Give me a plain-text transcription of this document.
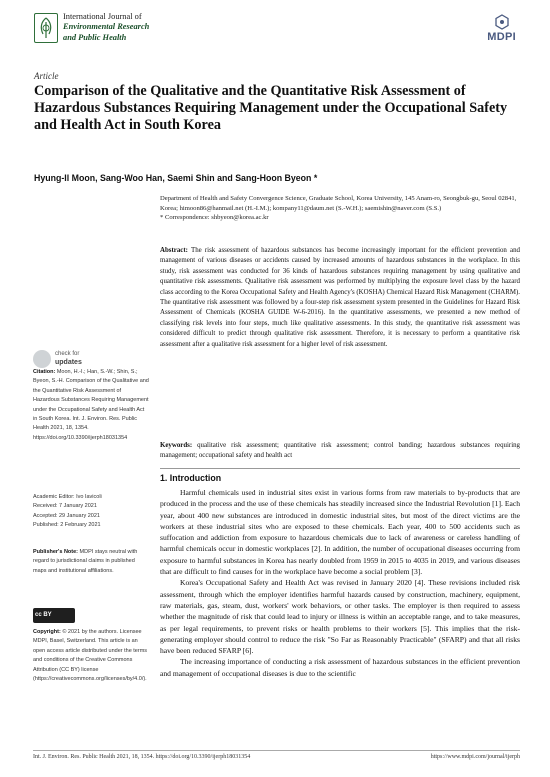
International Journal of
Environmental Research
and Public Health	MDPI
Article
Comparison of the Qualitative and the Quantitative Risk Assessment of Hazardous Substances Requiring Management under the Occupational Safety and Health Act in South Korea
Hyung-Il Moon, Sang-Woo Han, Saemi Shin and Sang-Hoon Byeon *
Department of Health and Safety Convergence Science, Graduate School, Korea University, 145 Anam-ro, Seongbuk-gu, Seoul 02841, Korea; himoon86@hanmail.net (H.-I.M.); kompany11@daum.net (S.-W.H.); saemishin@naver.com (S.S.)
* Correspondence: shbyeon@korea.ac.kr
Abstract: The risk assessment of hazardous substances has become increasingly important for the efficient prevention and management of various diseases or accidents caused by increased amounts of hazardous substances in the workplace. In this study, risk assessment was conducted for 36 kinds of hazardous substances requiring management by using qualitative and quantitative risk assessments. Qualitative risk assessment was performed by multiplying the exposure level class by the hazard class according to the Korea Occupational Safety and Health Agency's (KOSHA) Chemical Hazard Risk Management (CHARM). The quantitative risk assessment was followed by a four-step risk assessment system presented in the Guidelines for Hazard Risk Assessment of Chemicals (KOSHA GUIDE W-6-2016). In the quantitative assessments, we presented a new method of classifying risk levels into four steps, much like qualitative assessments. In this study, the quantitative risk assessment was considered difficult to predict through qualitative risk assessment. Therefore, it is necessary to perform a quantitative risk assessment after a qualitative risk assessment for a higher level of risk assessment.
Keywords: qualitative risk assessment; quantitative risk assessment; control banding; hazardous substances requiring management; occupational safety and health act
check for
updates
Citation: Moon, H.-I.; Han, S.-W.; Shin, S.; Byeon, S.-H. Comparison of the Qualitative and the Quantitative Risk Assessment of Hazardous Substances Requiring Management under the Occupational Safety and Health Act in South Korea. Int. J. Environ. Res. Public Health 2021, 18, 1354. https://doi.org/10.3390/ijerph18031354
Academic Editor: Ivo Iavicoli
Received: 7 January 2021
Accepted: 29 January 2021
Published: 2 February 2021
Publisher's Note: MDPI stays neutral with regard to jurisdictional claims in published maps and institutional affiliations.
cc BY
Copyright: © 2021 by the authors. Licensee MDPI, Basel, Switzerland. This article is an open access article distributed under the terms and conditions of the Creative Commons Attribution (CC BY) license (https://creativecommons.org/licenses/by/4.0/).
1. Introduction

Harmful chemicals used in industrial sites exist in various forms from raw materials to by-products that are produced in the process and the use of these chemicals has steadily increased since the Industrial Revolution [1]. Each year, about 400 new substances are introduced in domestic industrial sites, but most of the direct victims are the workers at these industrial sites who are exposed to these chemicals. Each year, 400 to 500 accidents such as suffocation and addiction from exposure to hazardous chemicals due to lack of awareness or careless handling of harmful chemicals occur in domestic workplaces [2]. In addition, the number of occupational diseases occurring from exposure to harmful substances in Korea has nearly doubled from 1959 in 2015 to 4035 in 2019, and various diseases that are difficult to find causes for in the workplace have become a social problem [3].

Korea's Occupational Safety and Health Act was revised in January 2020 [4]. These revisions included risk assessment, through which the employer identifies harmful hazards caused by construction, machinery, equipment, raw materials, gas, steam, dust, workers' work behaviors, or other tasks. The employer is then required to assess whether the magnitude of risk that could lead to injury or illness is within an acceptable range, and to take measures, as per legal requirements, to prevent risks or health problems to their workers [5]. This implies that the risk-generating employer should control to reduce the risk "So Far as Reasonably Practicable" (SFARP) and that all risks have been reduced SFARP [6].

The increasing importance of conducting a risk assessment of hazardous substances in the efficient prevention and management of occupational diseases is due to the scientific

Int. J. Environ. Res. Public Health 2021, 18, 1354. https://doi.org/10.3390/ijerph18031354	https://www.mdpi.com/journal/ijerph
